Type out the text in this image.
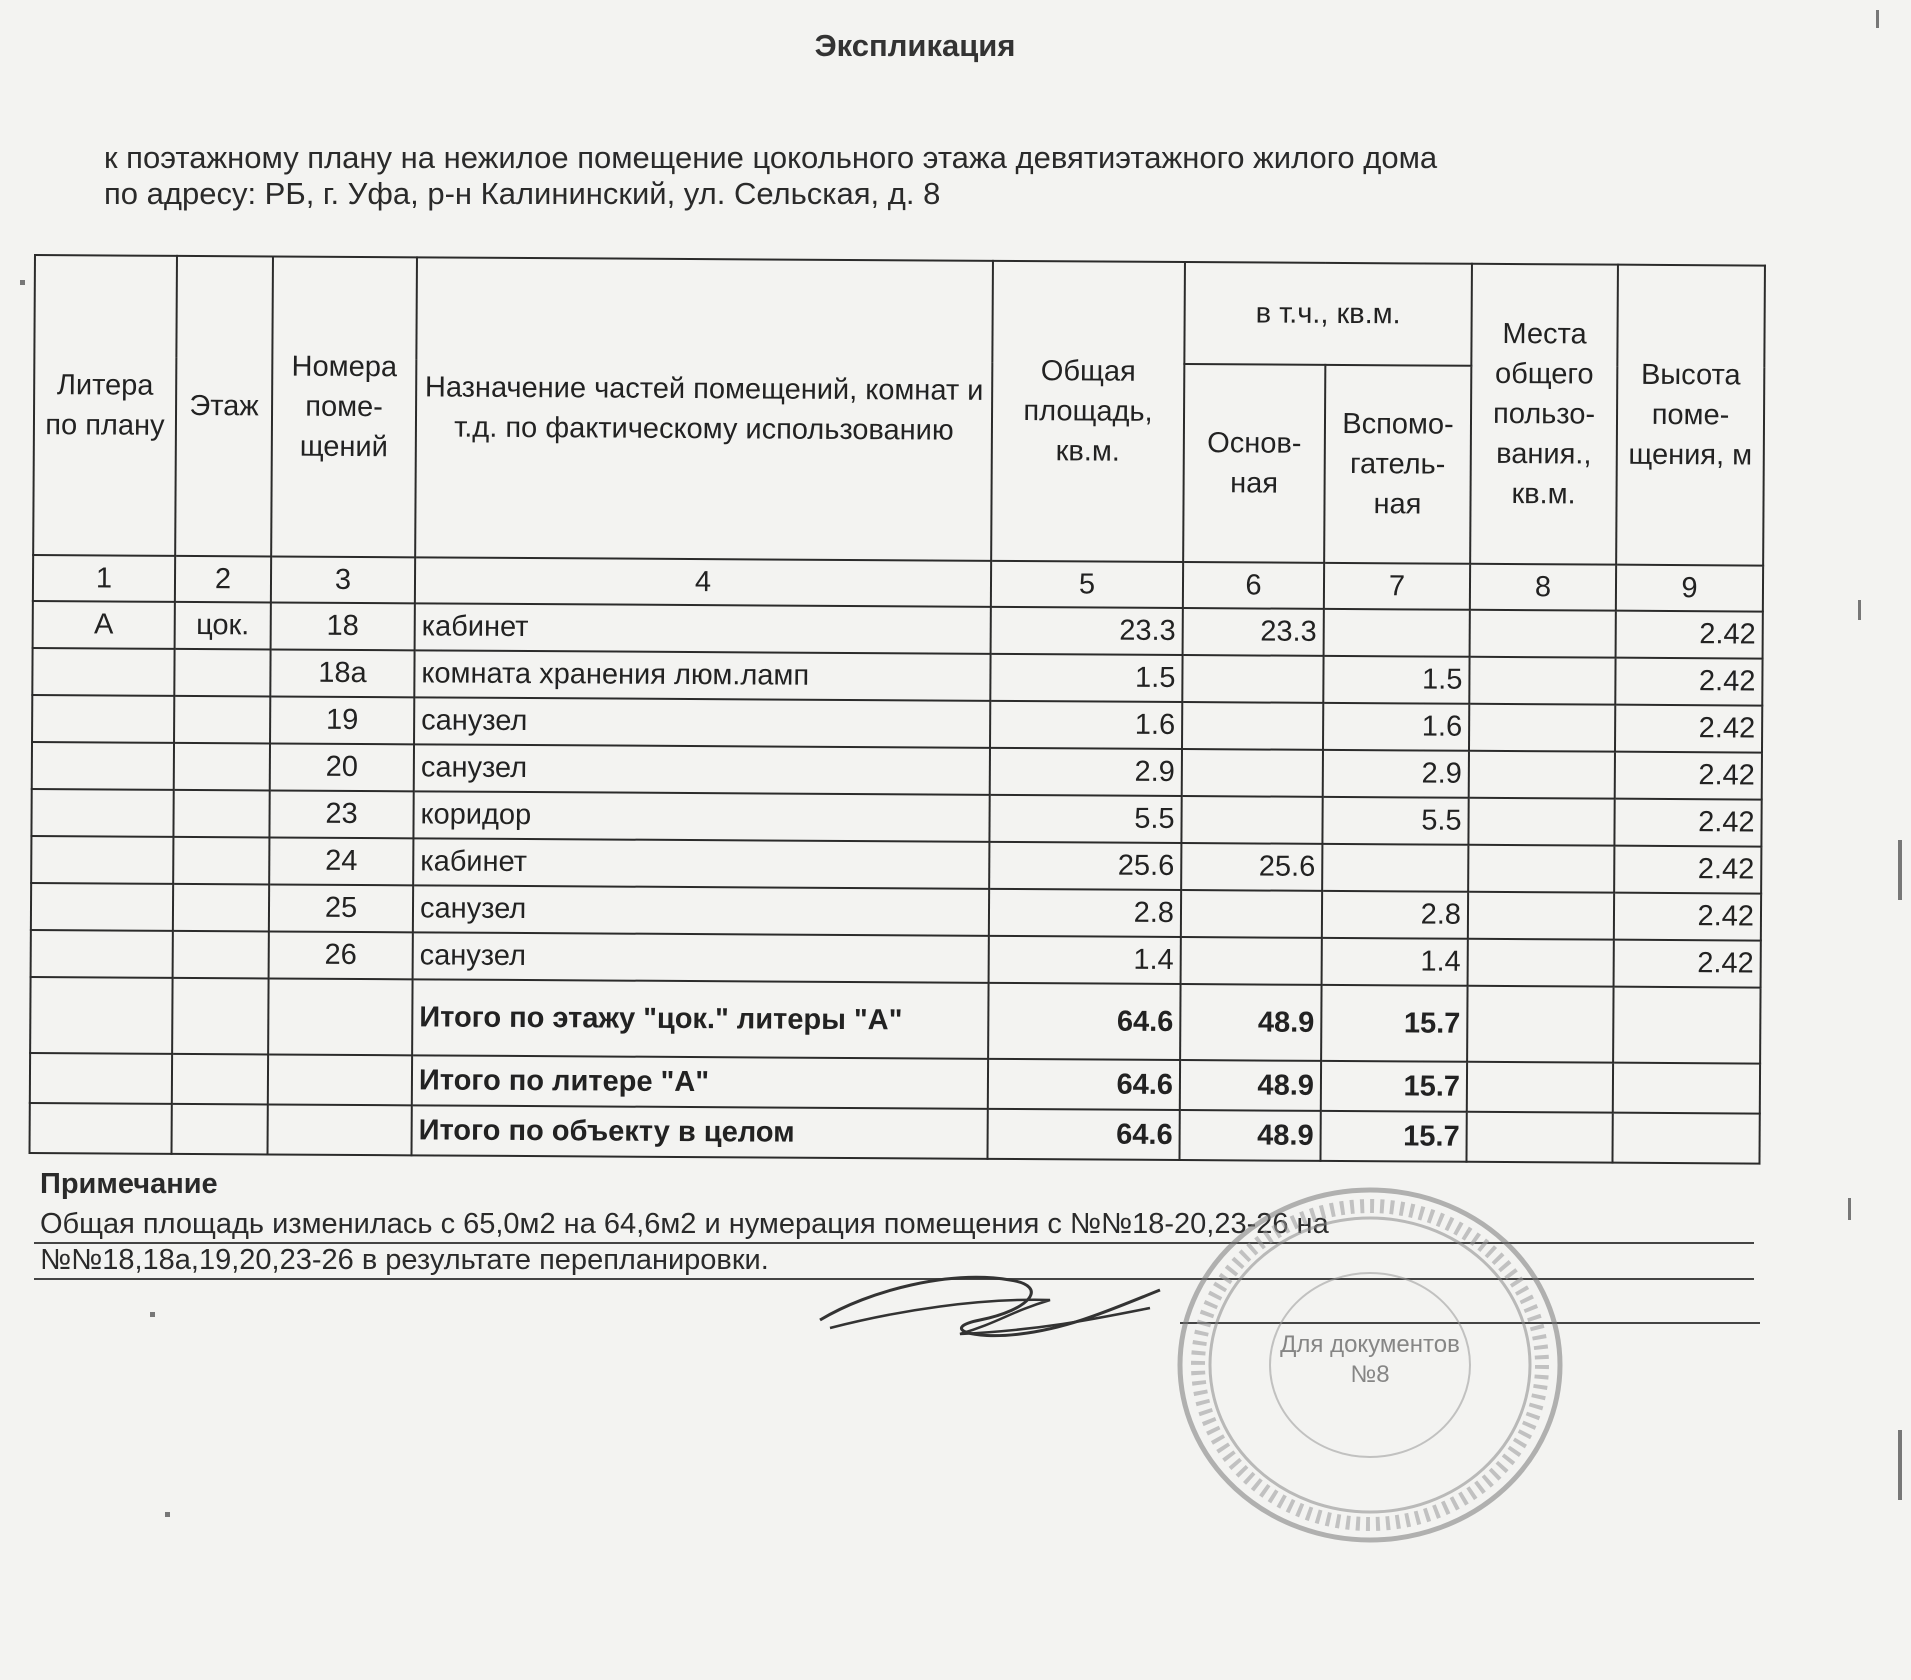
Экспликация
к поэтажному плану на нежилое помещение цокольного этажа девятиэтажного жилого дома
по адресу: РБ, г. Уфа, р-н Калининский, ул. Сельская, д. 8
Литера по плану	Этаж	Номера поме-щений	Назначение частей помещений, комнат и т.д. по фактическому использованию	Общая площадь, кв.м.	в т.ч., кв.м.		Места общего пользо-вания., кв.м.	Высота поме-щения, м
					Основ-ная	Вспомо-гатель-ная		
1	2	3	4	5	6	7	8	9
А	цок.	18	кабинет	23.3	23.3			2.42
		18а	комната хранения люм.ламп	1.5		1.5		2.42
		19	санузел	1.6		1.6		2.42
		20	санузел	2.9		2.9		2.42
		23	коридор	5.5		5.5		2.42
		24	кабинет	25.6	25.6			2.42
		25	санузел	2.8		2.8		2.42
		26	санузел	1.4		1.4		2.42
			Итого по этажу "цок." литеры "А"	64.6	48.9	15.7		
			Итого по литере "А"	64.6	48.9	15.7		
			Итого по объекту в целом	64.6	48.9	15.7		
Примечание
Общая площадь изменилась с 65,0м2 на 64,6м2 и нумерация помещения с №№18-20,23-26 на
№№18,18а,19,20,23-26 в результате перепланировки.
Для документов
№8
